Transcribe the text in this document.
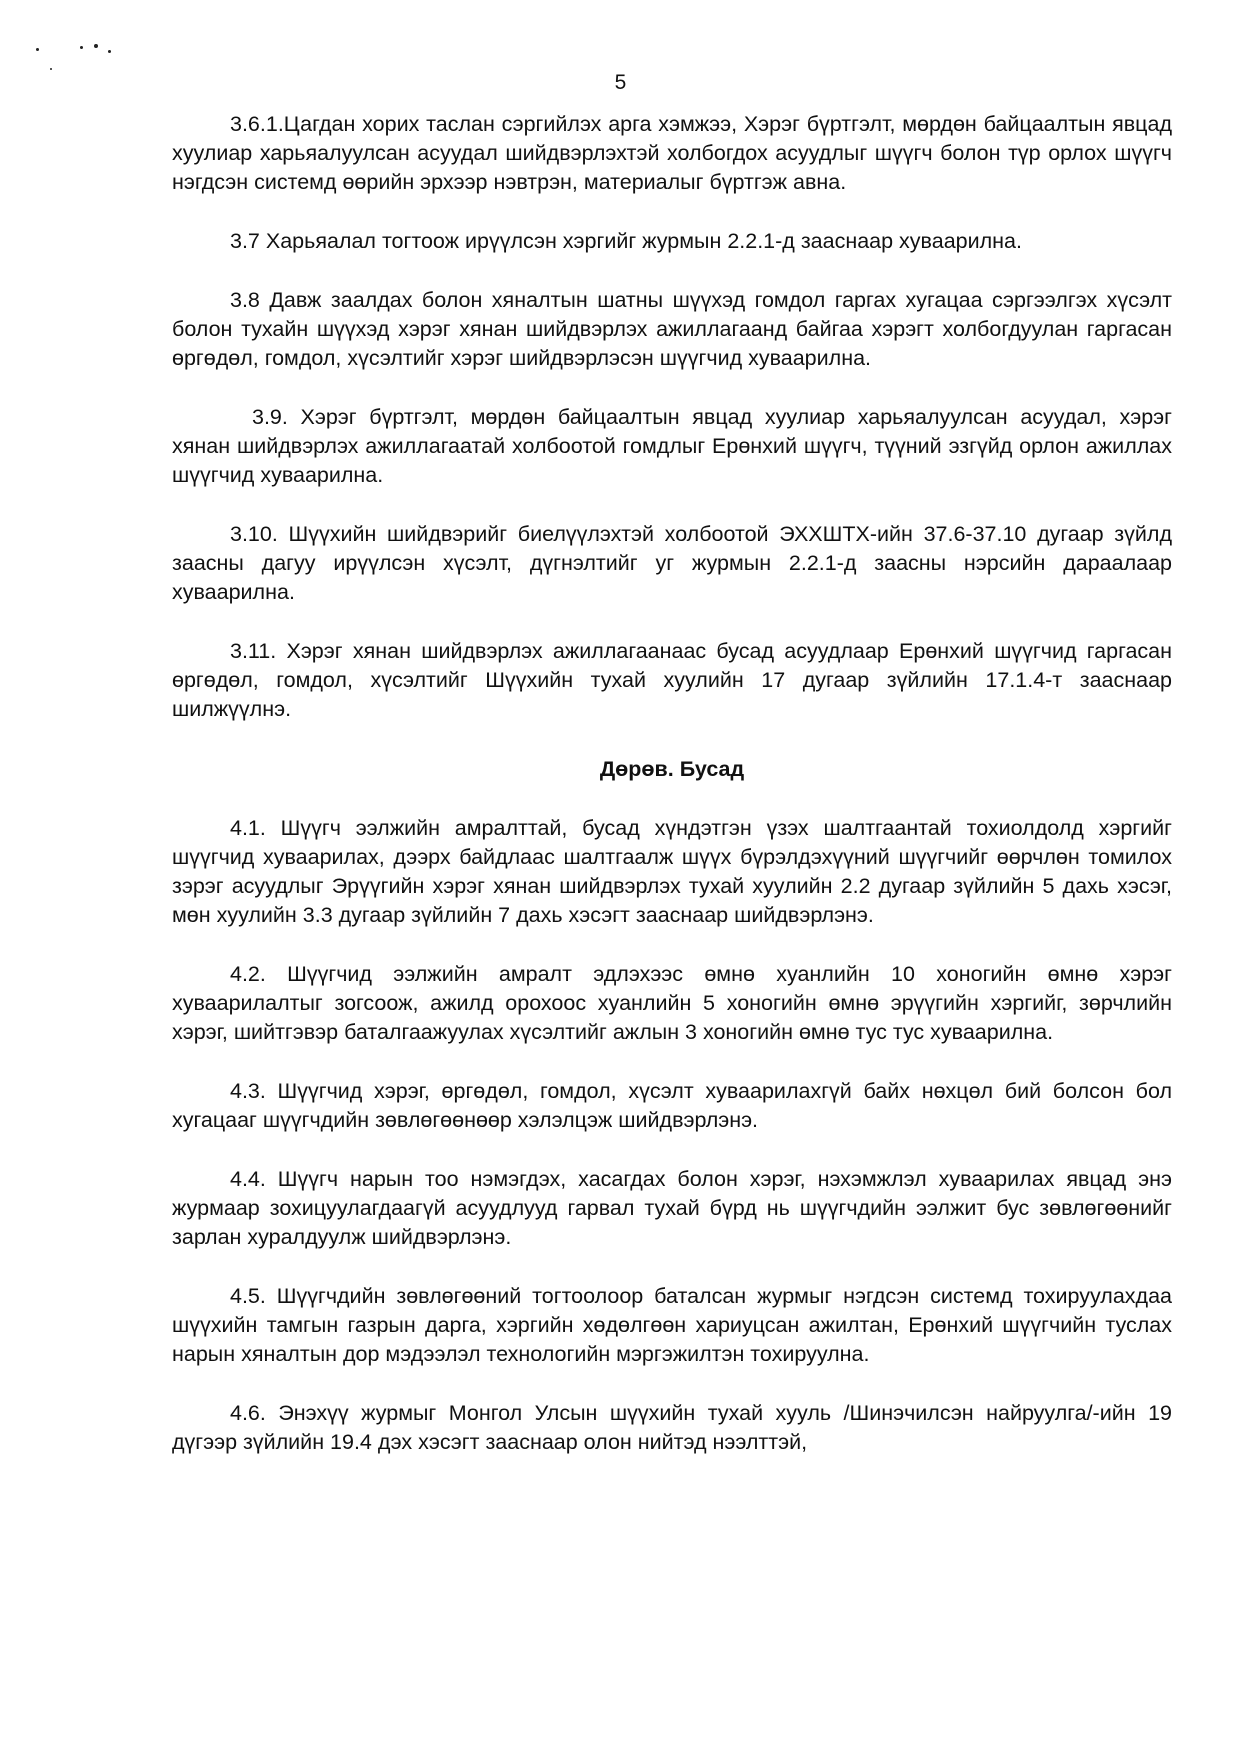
5

3.6.1.Цагдан хорих таслан сэргийлэх арга хэмжээ, Хэрэг бүртгэлт, мөрдөн байцаалтын явцад хуулиар харьяалуулсан асуудал шийдвэрлэхтэй холбогдох асуудлыг шүүгч болон түр орлох шүүгч нэгдсэн системд өөрийн эрхээр нэвтрэн, материалыг бүртгэж авна.

3.7 Харьяалал тогтоож ирүүлсэн хэргийг журмын 2.2.1-д зааснаар хуваарилна.

3.8 Давж заалдах болон хяналтын шатны шүүхэд гомдол гаргах хугацаа сэргээлгэх хүсэлт болон тухайн шүүхэд хэрэг хянан шийдвэрлэх ажиллагаанд байгаа хэрэгт холбогдуулан гаргасан өргөдөл, гомдол, хүсэлтийг хэрэг шийдвэрлэсэн шүүгчид хуваарилна.

3.9. Хэрэг бүртгэлт, мөрдөн байцаалтын явцад хуулиар харьяалуулсан асуудал, хэрэг хянан шийдвэрлэх ажиллагаатай холбоотой гомдлыг Ерөнхий шүүгч, түүний эзгүйд орлон ажиллах шүүгчид хуваарилна.

3.10. Шүүхийн шийдвэрийг биелүүлэхтэй холбоотой ЭХХШТХ-ийн 37.6-37.10 дугаар зүйлд заасны дагуу ирүүлсэн хүсэлт, дүгнэлтийг уг журмын 2.2.1-д заасны нэрсийн дараалаар хуваарилна.

3.11. Хэрэг хянан шийдвэрлэх ажиллагаанаас бусад асуудлаар Ерөнхий шүүгчид гаргасан өргөдөл, гомдол, хүсэлтийг Шүүхийн тухай хуулийн 17 дугаар зүйлийн 17.1.4-т зааснаар шилжүүлнэ.

Дөрөв. Бусад

4.1. Шүүгч ээлжийн амралттай, бусад хүндэтгэн үзэх шалтгаантай тохиолдолд хэргийг шүүгчид хуваарилах, дээрх байдлаас шалтгаалж шүүх бүрэлдэхүүний шүүгчийг өөрчлөн томилох зэрэг асуудлыг Эрүүгийн хэрэг хянан шийдвэрлэх тухай хуулийн 2.2 дугаар зүйлийн 5 дахь хэсэг, мөн хуулийн 3.3 дугаар зүйлийн 7 дахь хэсэгт зааснаар шийдвэрлэнэ.

4.2. Шүүгчид ээлжийн амралт эдлэхээс өмнө хуанлийн 10 хоногийн өмнө хэрэг хуваарилалтыг зогсоож, ажилд орохоос хуанлийн 5 хоногийн өмнө эрүүгийн хэргийг, зөрчлийн хэрэг, шийтгэвэр баталгаажуулах хүсэлтийг ажлын 3 хоногийн өмнө тус тус хуваарилна.

4.3. Шүүгчид хэрэг, өргөдөл, гомдол, хүсэлт хуваарилахгүй байх нөхцөл бий болсон бол хугацааг шүүгчдийн зөвлөгөөнөөр хэлэлцэж шийдвэрлэнэ.

4.4. Шүүгч нарын тоо нэмэгдэх, хасагдах болон хэрэг, нэхэмжлэл хуваарилах явцад энэ журмаар зохицуулагдаагүй асуудлууд гарвал тухай бүрд нь шүүгчдийн ээлжит бус зөвлөгөөнийг зарлан хуралдуулж шийдвэрлэнэ.

4.5. Шүүгчдийн зөвлөгөөний тогтоолоор баталсан журмыг нэгдсэн системд тохируулахдаа шүүхийн тамгын газрын дарга, хэргийн хөдөлгөөн хариуцсан ажилтан, Ерөнхий шүүгчийн туслах нарын хяналтын дор мэдээлэл технологийн мэргэжилтэн тохируулна.

4.6. Энэхүү журмыг Монгол Улсын шүүхийн тухай хууль /Шинэчилсэн найруулга/-ийн 19 дүгээр зүйлийн 19.4 дэх хэсэгт зааснаар олон нийтэд нээлттэй,
